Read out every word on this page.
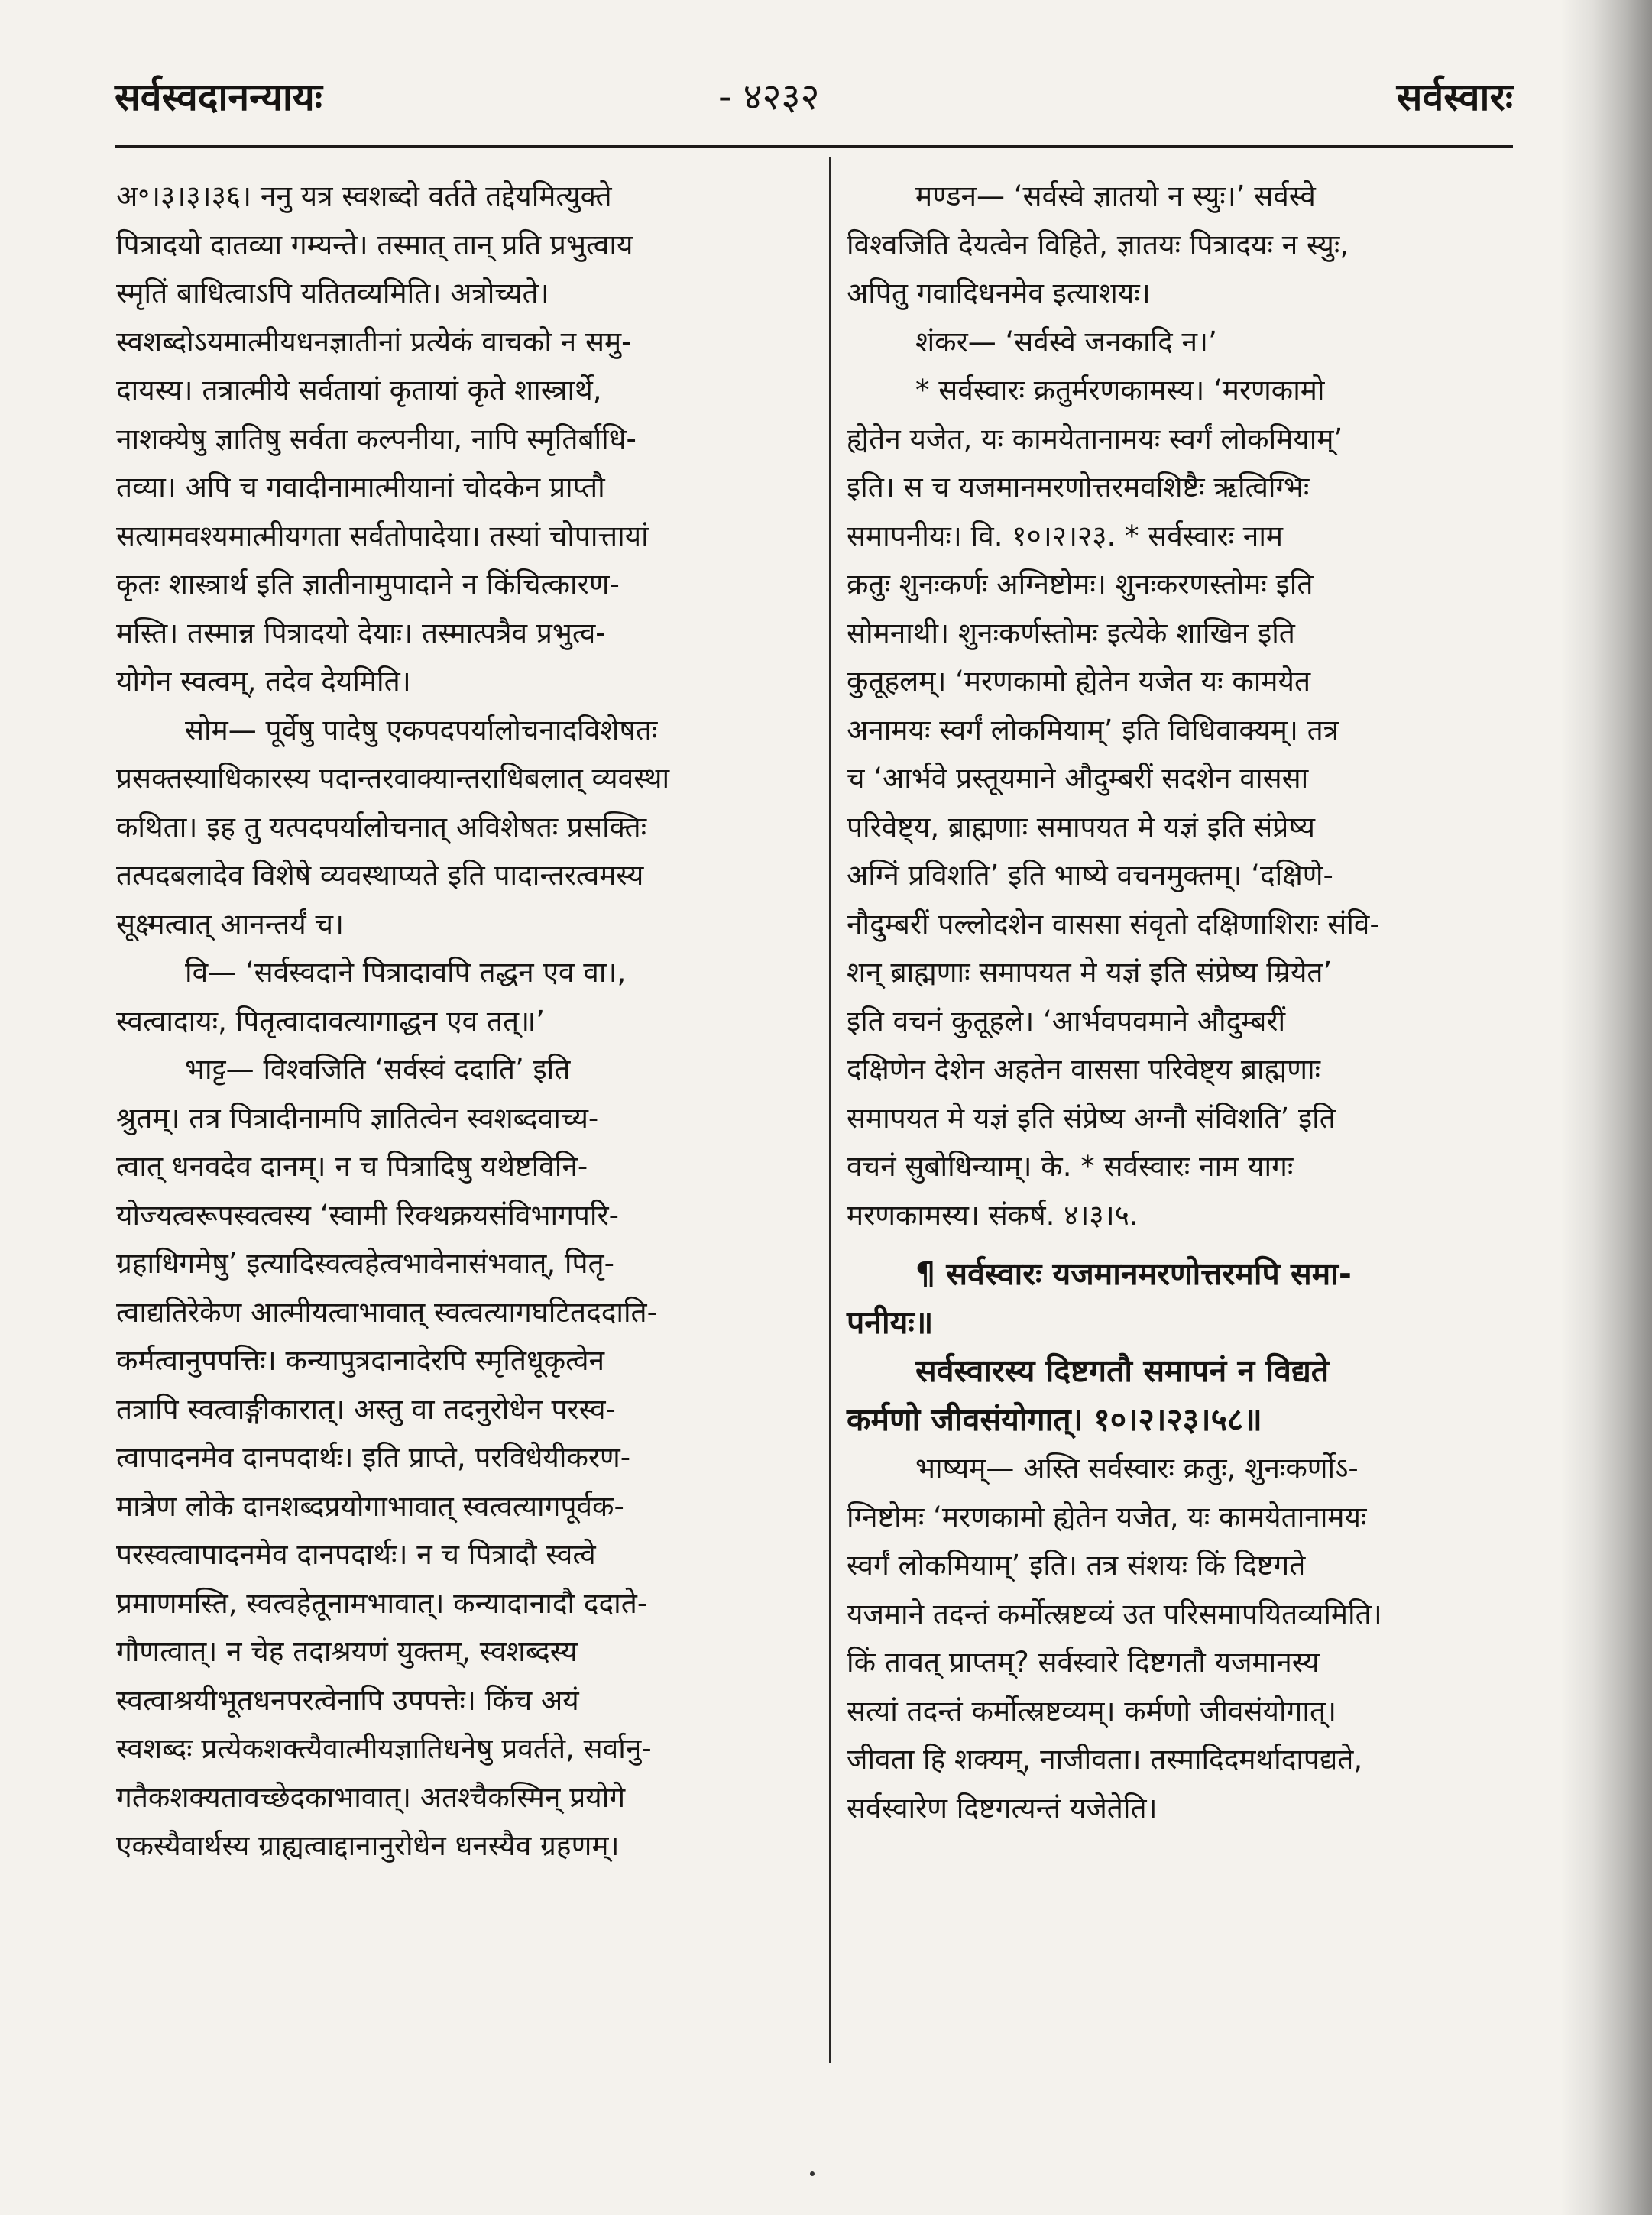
सर्वस्वदानन्यायः	- ४२३२	सर्वस्वारः
अ॰।३।३।३६। ननु यत्र स्वशब्दो वर्तते तद्देयमित्युक्ते
पित्रादयो दातव्या गम्यन्ते। तस्मात् तान् प्रति प्रभुत्वाय
स्मृतिं बाधित्वाऽपि यतितव्यमिति। अत्रोच्यते।
स्वशब्दोऽयमात्मीयधनज्ञातीनां प्रत्येकं वाचको न समु-
दायस्य। तत्रात्मीये सर्वतायां कृतायां कृते शास्त्रार्थे,
नाशक्येषु ज्ञातिषु सर्वता कल्पनीया, नापि स्मृतिर्बाधि-
तव्या। अपि च गवादीनामात्मीयानां चोदकेन प्राप्तौ
सत्यामवश्यमात्मीयगता सर्वतोपादेया। तस्यां चोपात्तायां
कृतः शास्त्रार्थ इति ज्ञातीनामुपादाने न किंचित्कारण-
मस्ति। तस्मान्न पित्रादयो देयाः। तस्मात्पत्रैव प्रभुत्व-
योगेन स्वत्वम्, तदेव देयमिति।
सोम— पूर्वेषु पादेषु एकपदपर्यालोचनादविशेषतः
प्रसक्तस्याधिकारस्य पदान्तरवाक्यान्तराधिबलात् व्यवस्था
कथिता। इह तु यत्पदपर्यालोचनात् अविशेषतः प्रसक्तिः
तत्पदबलादेव विशेषे व्यवस्थाप्यते इति पादान्तरत्वमस्य
सूक्ष्मत्वात् आनन्तर्यं च।
वि— ‘सर्वस्वदाने पित्रादावपि तद्धन एव वा।,
स्वत्वादायः, पितृत्वादावत्यागाद्धन एव तत्॥’
भाट्ट— विश्वजिति ‘सर्वस्वं ददाति’ इति
श्रुतम्। तत्र पित्रादीनामपि ज्ञातित्वेन स्वशब्दवाच्य-
त्वात् धनवदेव दानम्। न च पित्रादिषु यथेष्टविनि-
योज्यत्वरूपस्वत्वस्य ‘स्वामी रिक्थक्रयसंविभागपरि-
ग्रहाधिगमेषु’ इत्यादिस्वत्वहेत्वभावेनासंभवात्, पितृ-
त्वाद्यतिरेकेण आत्मीयत्वाभावात् स्वत्वत्यागघटितददाति-
कर्मत्वानुपपत्तिः। कन्यापुत्रदानादेरपि स्मृतिधूकृत्वेन
तत्रापि स्वत्वाङ्गीकारात्। अस्तु वा तदनुरोधेन परस्व-
त्वापादनमेव दानपदार्थः। इति प्राप्ते, परविधेयीकरण-
मात्रेण लोके दानशब्दप्रयोगाभावात् स्वत्वत्यागपूर्वक-
परस्वत्वापादनमेव दानपदार्थः। न च पित्रादौ स्वत्वे
प्रमाणमस्ति, स्वत्वहेतूनामभावात्। कन्यादानादौ ददाते-
गौणत्वात्। न चेह तदाश्रयणं युक्तम्, स्वशब्दस्य
स्वत्वाश्रयीभूतधनपरत्वेनापि उपपत्तेः। किंच अयं
स्वशब्दः प्रत्येकशक्त्यैवात्मीयज्ञातिधनेषु प्रवर्तते, सर्वानु-
गतैकशक्यतावच्छेदकाभावात्। अतश्चैकस्मिन् प्रयोगे
एकस्यैवार्थस्य ग्राह्यत्वाद्दानानुरोधेन धनस्यैव ग्रहणम्।
मण्डन— ‘सर्वस्वे ज्ञातयो न स्युः।’ सर्वस्वे
विश्वजिति देयत्वेन विहिते, ज्ञातयः पित्रादयः न स्युः,
अपितु गवादिधनमेव इत्याशयः।
शंकर— ‘सर्वस्वे जनकादि न।’
* सर्वस्वारः क्रतुर्मरणकामस्य। ‘मरणकामो
ह्येतेन यजेत, यः कामयेतानामयः स्वर्गं लोकमियाम्’
इति। स च यजमानमरणोत्तरमवशिष्टैः ऋत्विग्भिः
समापनीयः। वि. १०।२।२३. * सर्वस्वारः नाम
क्रतुः शुनःकर्णः अग्निष्टोमः। शुनःकरणस्तोमः इति
सोमनाथी। शुनःकर्णस्तोमः इत्येके शाखिन इति
कुतूहलम्। ‘मरणकामो ह्येतेन यजेत यः कामयेत
अनामयः स्वर्गं लोकमियाम्’ इति विधिवाक्यम्। तत्र
च ‘आर्भवे प्रस्तूयमाने औदुम्बरीं सदशेन वाससा
परिवेष्ट्य, ब्राह्मणाः समापयत मे यज्ञं इति संप्रेष्य
अग्निं प्रविशति’ इति भाष्ये वचनमुक्तम्। ‘दक्षिणे-
नौदुम्बरीं पल्लोदशेन वाससा संवृतो दक्षिणाशिराः संवि-
शन् ब्राह्मणाः समापयत मे यज्ञं इति संप्रेष्य म्रियेत’
इति वचनं कुतूहले। ‘आर्भवपवमाने औदुम्बरीं
दक्षिणेन देशेन अहतेन वाससा परिवेष्ट्य ब्राह्मणाः
समापयत मे यज्ञं इति संप्रेष्य अग्नौ संविशति’ इति
वचनं सुबोधिन्याम्। के. * सर्वस्वारः नाम यागः
मरणकामस्य। संकर्ष. ४।३।५.
¶ सर्वस्वारः यजमानमरणोत्तरमपि समा-
पनीयः॥
सर्वस्वारस्य दिष्टगतौ समापनं न विद्यते
कर्मणो जीवसंयोगात्। १०।२।२३।५८॥
भाष्यम्— अस्ति सर्वस्वारः क्रतुः, शुनःकर्णोऽ-
ग्निष्टोमः ‘मरणकामो ह्येतेन यजेत, यः कामयेतानामयः
स्वर्गं लोकमियाम्’ इति। तत्र संशयः किं दिष्टगते
यजमाने तदन्तं कर्मोत्स्रष्टव्यं उत परिसमापयितव्यमिति।
किं तावत् प्राप्तम्? सर्वस्वारे दिष्टगतौ यजमानस्य
सत्यां तदन्तं कर्मोत्स्रष्टव्यम्। कर्मणो जीवसंयोगात्।
जीवता हि शक्यम्, नाजीवता। तस्मादिदमर्थादापद्यते,
सर्वस्वारेण दिष्टगत्यन्तं यजेतेति।
